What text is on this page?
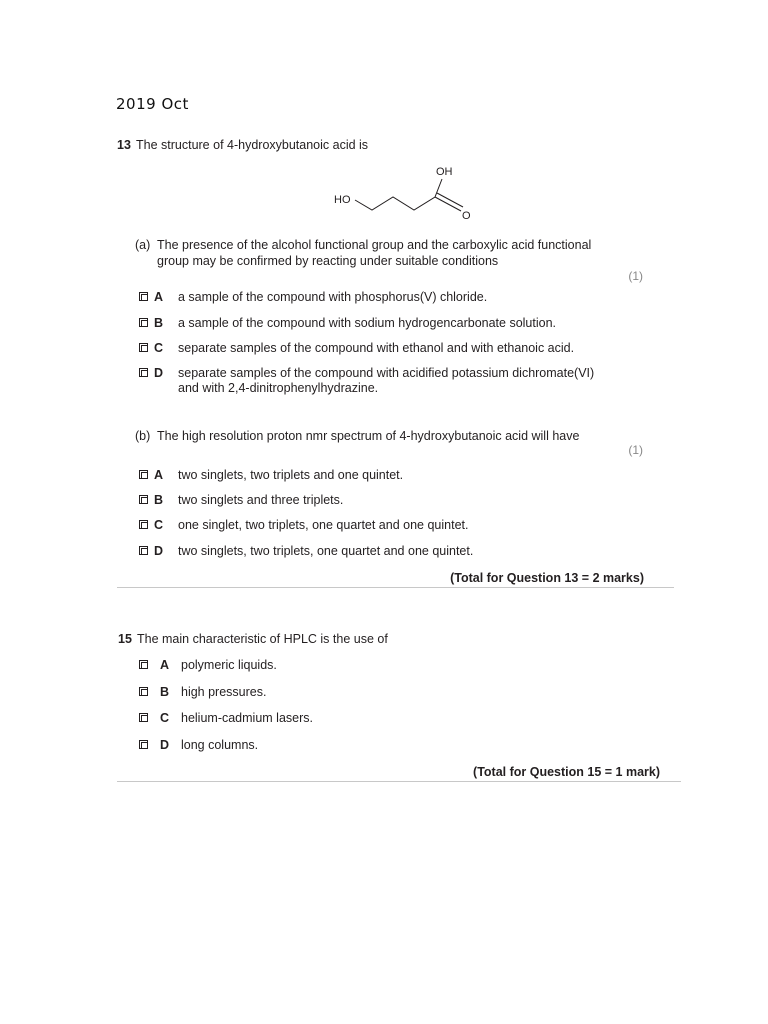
2019 Oct
13 The structure of 4-hydroxybutanoic acid is
OH
HO
O
(a) The presence of the alcohol functional group and the carboxylic acid functional
group may be confirmed by reacting under suitable conditions
(1)
A	a sample of the compound with phosphorus(V) chloride.
B	a sample of the compound with sodium hydrogencarbonate solution.
C	separate samples of the compound with ethanol and with ethanoic acid.
D	separate samples of the compound with acidified potassium dichromate(VI)
and with 2,4-dinitrophenylhydrazine.
(b) The high resolution proton nmr spectrum of 4-hydroxybutanoic acid will have
(1)
A	two singlets, two triplets and one quintet.
B	two singlets and three triplets.
C	one singlet, two triplets, one quartet and one quintet.
D	two singlets, two triplets, one quartet and one quintet.
(Total for Question 13 = 2 marks)
15 The main characteristic of HPLC is the use of
A polymeric liquids.
B high pressures.
C helium-cadmium lasers.
D long columns.
(Total for Question 15 = 1 mark)
